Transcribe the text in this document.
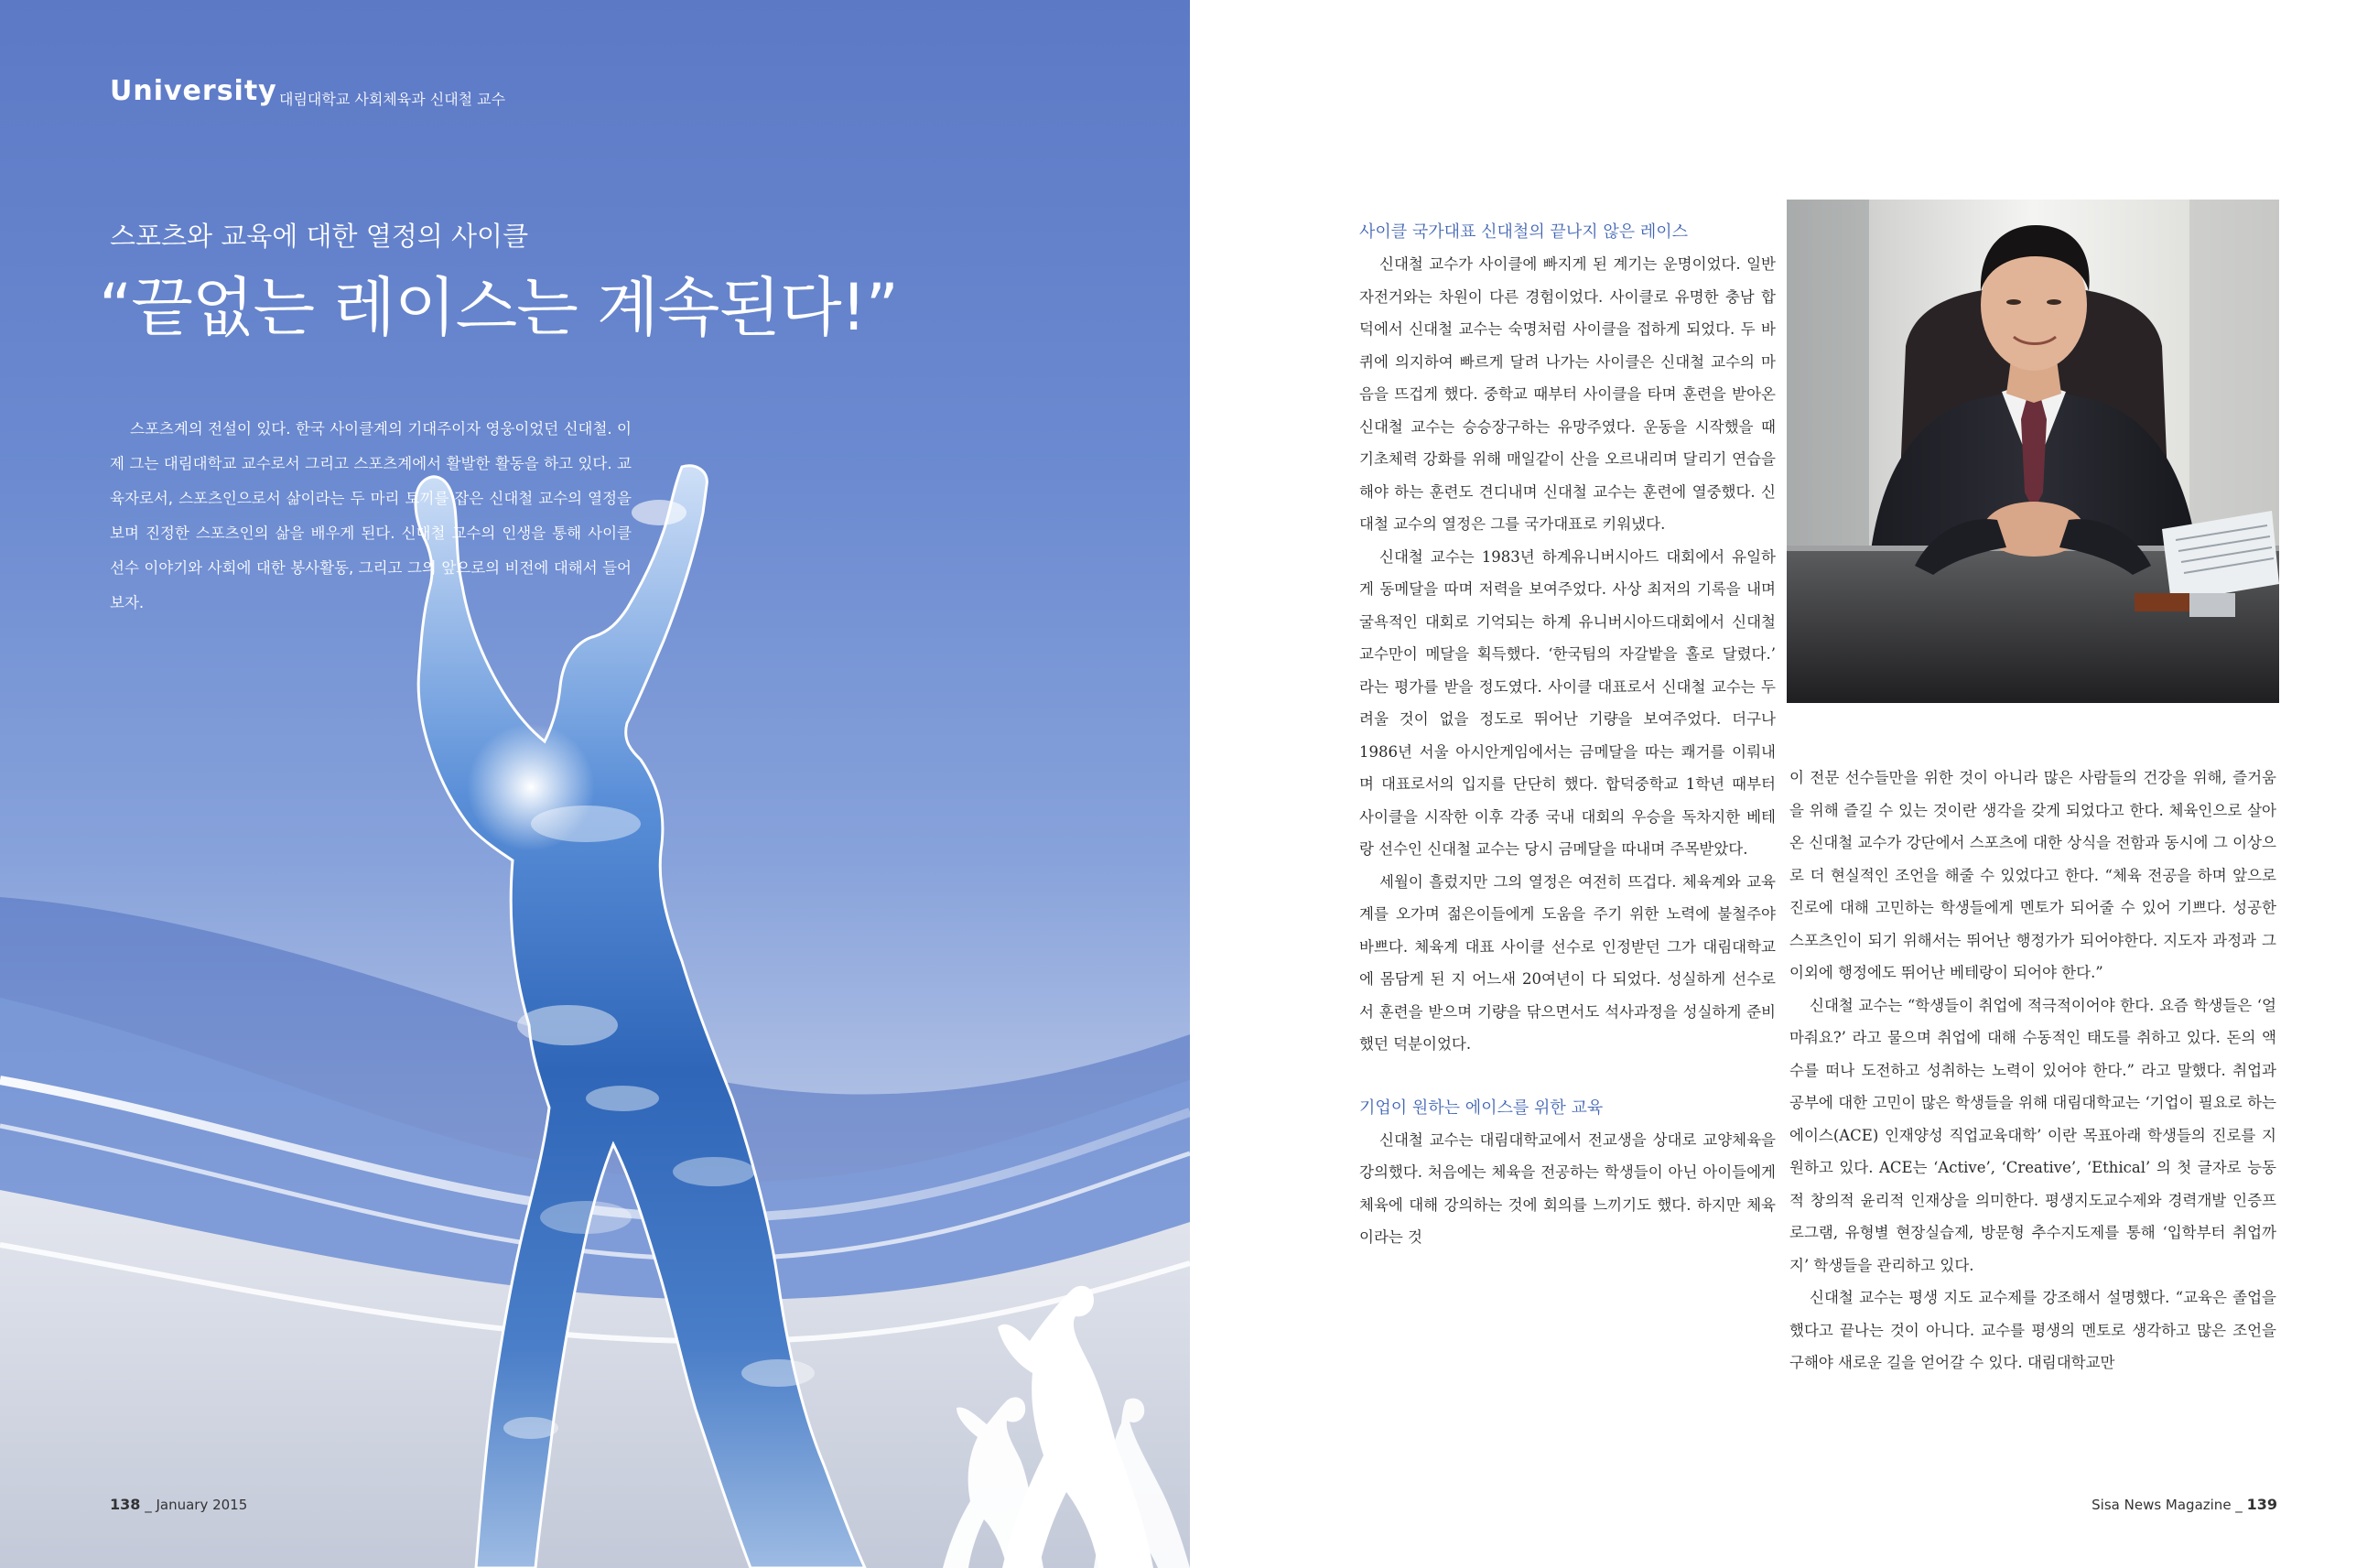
University 대림대학교 사회체육과 신대철 교수
스포츠와 교육에 대한 열정의 사이클
“끝없는 레이스는 계속된다!”

스포츠계의 전설이 있다. 한국 사이클계의 기대주이자 영웅이었던 신대철. 이제 그는 대림대학교 교수로서 그리고 스포츠계에서 활발한 활동을 하고 있다. 교육자로서, 스포츠인으로서 삶이라는 두 마리 토끼를 잡은 신대철 교수의 열정을 보며 진정한 스포츠인의 삶을 배우게 된다. 신대철 교수의 인생을 통해 사이클 선수 이야기와 사회에 대한 봉사활동, 그리고 그의 앞으로의 비전에 대해서 들어보자.

138 _ January 2015
사이클 국가대표 신대철의 끝나지 않은 레이스

신대철 교수가 사이클에 빠지게 된 계기는 운명이었다. 일반 자전거와는 차원이 다른 경험이었다. 사이클로 유명한 충남 합덕에서 신대철 교수는 숙명처럼 사이클을 접하게 되었다. 두 바퀴에 의지하여 빠르게 달려 나가는 사이클은 신대철 교수의 마음을 뜨겁게 했다. 중학교 때부터 사이클을 타며 훈련을 받아온 신대철 교수는 승승장구하는 유망주였다. 운동을 시작했을 때 기초체력 강화를 위해 매일같이 산을 오르내리며 달리기 연습을 해야 하는 훈련도 견디내며 신대철 교수는 훈련에 열중했다. 신대철 교수의 열정은 그를 국가대표로 키워냈다.

신대철 교수는 1983년 하계유니버시아드 대회에서 유일하게 동메달을 따며 저력을 보여주었다. 사상 최저의 기록을 내며 굴욕적인 대회로 기억되는 하계 유니버시아드대회에서 신대철 교수만이 메달을 획득했다. ‘한국팀의 자갈밭을 홀로 달렸다.’ 라는 평가를 받을 정도였다. 사이클 대표로서 신대철 교수는 두려울 것이 없을 정도로 뛰어난 기량을 보여주었다. 더구나 1986년 서울 아시안게임에서는 금메달을 따는 쾌거를 이뤄내며 대표로서의 입지를 단단히 했다. 합덕중학교 1학년 때부터 사이클을 시작한 이후 각종 국내 대회의 우승을 독차지한 베테랑 선수인 신대철 교수는 당시 금메달을 따내며 주목받았다.

세월이 흘렀지만 그의 열정은 여전히 뜨겁다. 체육계와 교육계를 오가며 젊은이들에게 도움을 주기 위한 노력에 불철주야 바쁘다. 체육계 대표 사이클 선수로 인정받던 그가 대림대학교에 몸담게 된 지 어느새 20여년이 다 되었다. 성실하게 선수로서 훈련을 받으며 기량을 닦으면서도 석사과정을 성실하게 준비했던 덕분이었다.

기업이 원하는 에이스를 위한 교육

신대철 교수는 대림대학교에서 전교생을 상대로 교양체육을 강의했다. 처음에는 체육을 전공하는 학생들이 아닌 아이들에게 체육에 대해 강의하는 것에 회의를 느끼기도 했다. 하지만 체육이라는 것

이 전문 선수들만을 위한 것이 아니라 많은 사람들의 건강을 위해, 즐거움을 위해 즐길 수 있는 것이란 생각을 갖게 되었다고 한다. 체육인으로 살아온 신대철 교수가 강단에서 스포츠에 대한 상식을 전함과 동시에 그 이상으로 더 현실적인 조언을 해줄 수 있었다고 한다. “체육 전공을 하며 앞으로 진로에 대해 고민하는 학생들에게 멘토가 되어줄 수 있어 기쁘다. 성공한 스포츠인이 되기 위해서는 뛰어난 행정가가 되어야한다. 지도자 과정과 그 이외에 행정에도 뛰어난 베테랑이 되어야 한다.”

신대철 교수는 “학생들이 취업에 적극적이어야 한다. 요즘 학생들은 ‘얼마줘요?’ 라고 물으며 취업에 대해 수동적인 태도를 취하고 있다. 돈의 액수를 떠나 도전하고 성취하는 노력이 있어야 한다.” 라고 말했다. 취업과 공부에 대한 고민이 많은 학생들을 위해 대림대학교는 ‘기업이 필요로 하는 에이스(ACE) 인재양성 직업교육대학’ 이란 목표아래 학생들의 진로를 지원하고 있다. ACE는 ‘Active’, ‘Creative’, ‘Ethical’ 의 첫 글자로 능동적 창의적 윤리적 인재상을 의미한다. 평생지도교수제와 경력개발 인증프로그램, 유형별 현장실습제, 방문형 추수지도제를 통해 ‘입학부터 취업까지’ 학생들을 관리하고 있다.

신대철 교수는 평생 지도 교수제를 강조해서 설명했다. “교육은 졸업을 했다고 끝나는 것이 아니다. 교수를 평생의 멘토로 생각하고 많은 조언을 구해야 새로운 길을 얻어갈 수 있다. 대림대학교만

Sisa News Magazine _ 139
